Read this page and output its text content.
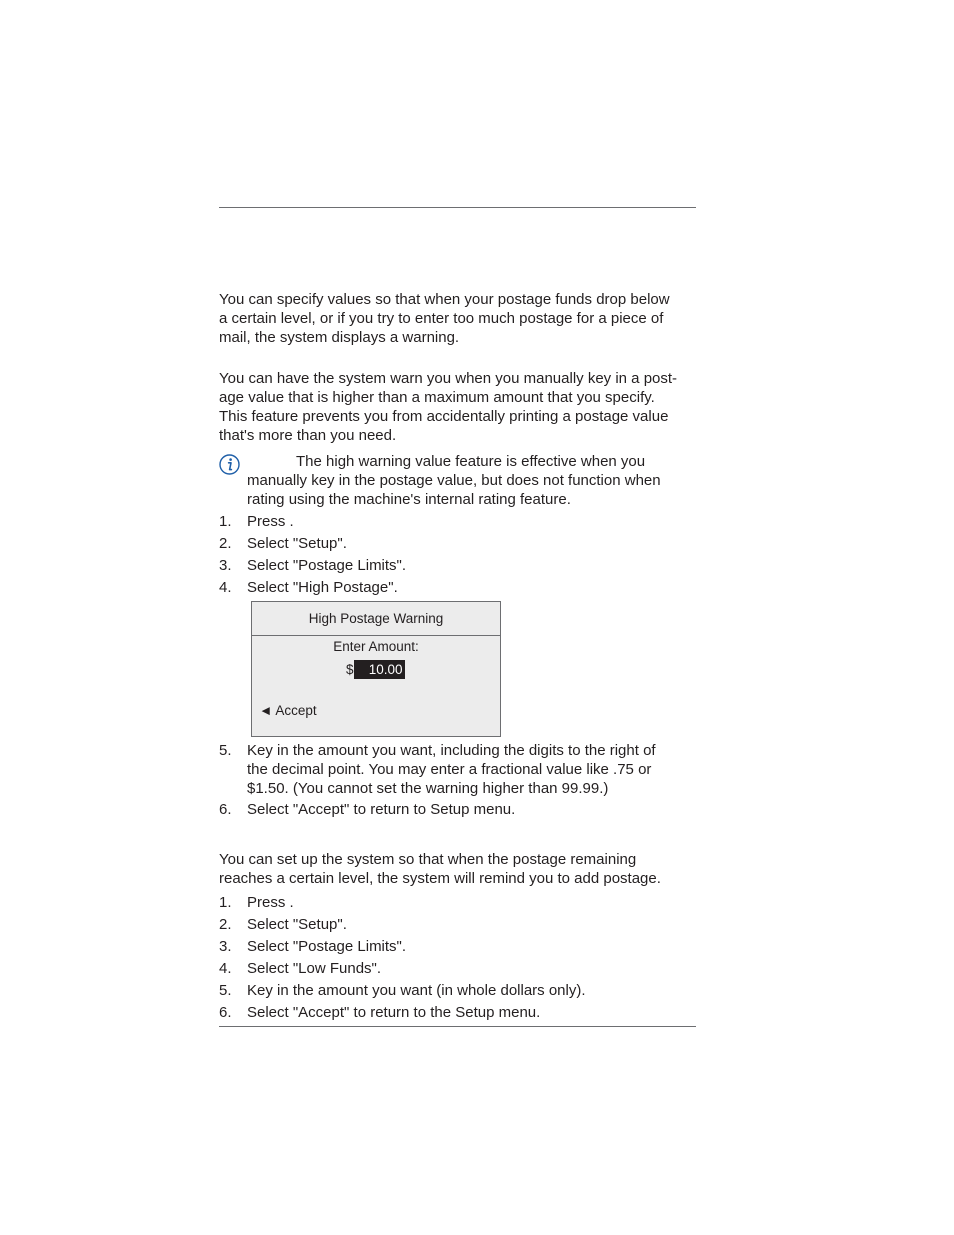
You can specify values so that when your postage funds drop below
a certain level, or if you try to enter too much postage for a piece of
mail, the system displays a warning.

You can have the system warn you when you manually key in a post-
age value that is higher than a maximum amount that you specify.
This feature prevents you from accidentally printing a postage value
that's more than you need.

The high warning value feature is effective when you
manually key in the postage value, but does not function when
rating using the machine's internal rating feature.
1. Press .
2. Select "Setup".
3. Select "Postage Limits".
4. Select "High Postage".
High Postage Warning
Enter Amount:
$ 10.00
◄ Accept
5. Key in the amount you want, including the digits to the right of
the decimal point. You may enter a fractional value like .75 or
$1.50. (You cannot set the warning higher than 99.99.)
6. Select "Accept" to return to Setup menu.

You can set up the system so that when the postage remaining
reaches a certain level, the system will remind you to add postage.

1. Press .
2. Select "Setup".
3. Select "Postage Limits".
4. Select "Low Funds".
5. Key in the amount you want (in whole dollars only).
6. Select "Accept" to return to the Setup menu.
